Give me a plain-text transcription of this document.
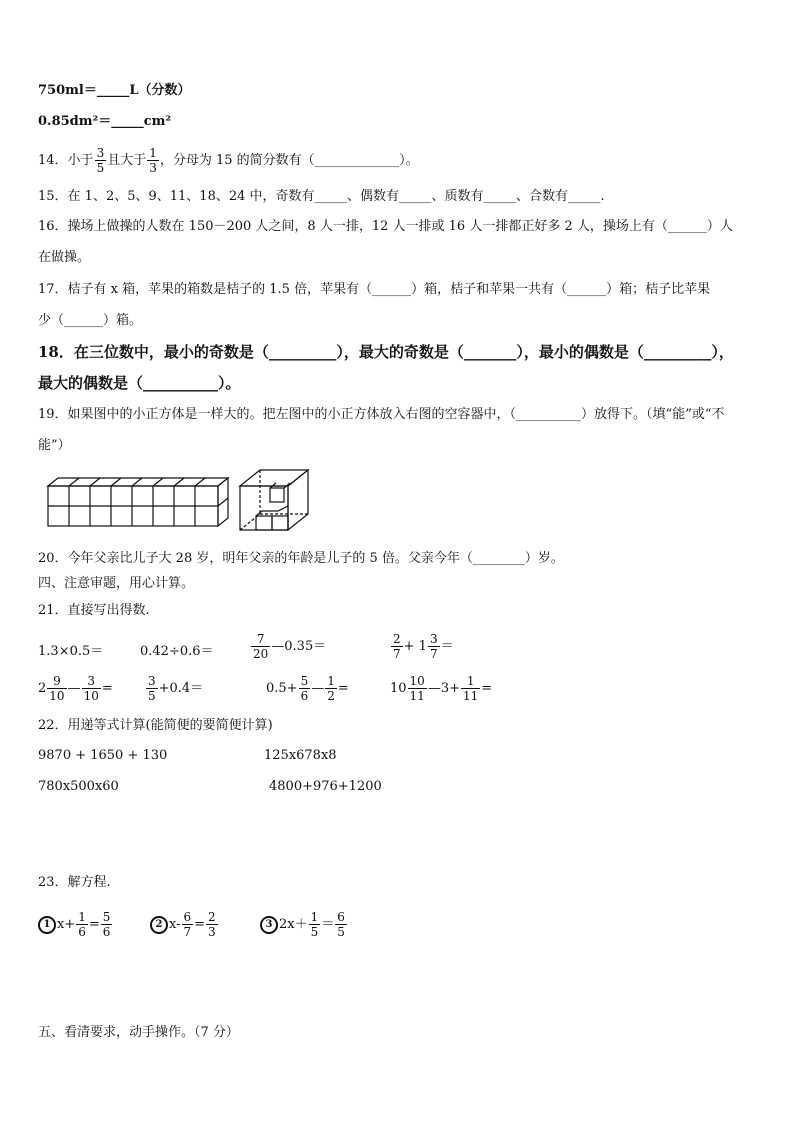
750ml＝_____L（分数）
0.85dm²＝_____cm²
14．小于 $\frac{3}{5}$ 且大于 $\frac{1}{3}$ ，分母为 15 的简分数有（_____________）。
15．在 1、2、5、9、11、18、24 中，奇数有_____、偶数有_____、质数有_____、合数有_____.
16．操场上做操的人数在 150－200 人之间，8 人一排，12 人一排或 16 人一排都正好多 2 人，操场上有（______）人
在做操。
17．桔子有 x 箱，苹果的箱数是桔子的 1.5 倍，苹果有（______）箱，桔子和苹果一共有（______）箱；桔子比苹果
少（______）箱。
18．在三位数中，最小的奇数是（_________），最大的奇数是（_______），最小的偶数是（_________），
最大的偶数是（__________）。
19．如果图中的小正方体是一样大的。把左图中的小正方体放入右图的空容器中，（__________）放得下。（填“能”或“不
能”）
20．今年父亲比儿子大 28 岁，明年父亲的年龄是儿子的 5 倍。父亲今年（________）岁。
四、注意审题，用心计算。
21．直接写出得数.
1.3×0.5＝	0.42÷0.6＝	$\frac{7}{20}$ —0.35＝	$\frac{2}{7} + 1 \frac{3}{7}$ ＝
$2 \frac{9}{10}$ — $\frac{3}{10}$ =	$\frac{3}{5} +0.4=$	$0.5+ \frac{5}{6}$ — $\frac{1}{2}$ =	$10 \frac{10}{11}$ —3+ $\frac{1}{11}$ =
22．用递等式计算(能简便的要简便计算)
9870 + 1650 + 130	125x678x8
780x500x60	4800+976+1200
23．解方程.
1 $x+ \frac{1}{6} = \frac{5}{6}$	2 $x- \frac{6}{7} = \frac{2}{3}$	3 $2x+ \frac{1}{5} = \frac{6}{5}$
五、看清要求，动手操作。（7 分）
